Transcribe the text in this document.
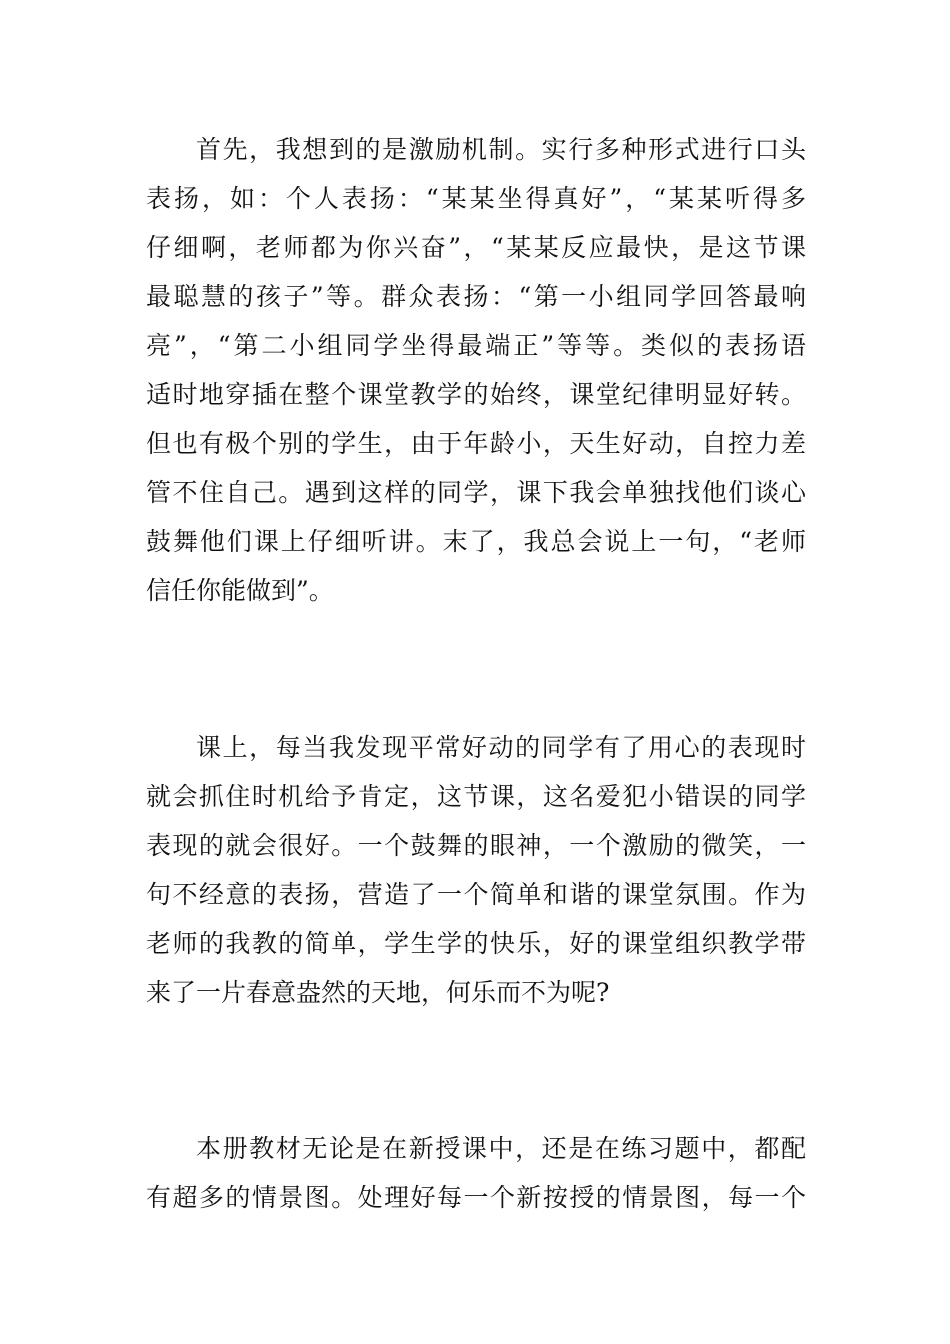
首先，我想到的是激励机制。实行多种形式进行口头
表扬，如：个人表扬：“某某坐得真好”，“某某听得多
仔细啊，老师都为你兴奋”，“某某反应最快，是这节课
最聪慧的孩子”等。群众表扬：“第一小组同学回答最响
亮”，“第二小组同学坐得最端正”等等。类似的表扬语
适时地穿插在整个课堂教学的始终，课堂纪律明显好转。
但也有极个别的学生，由于年龄小，天生好动，自控力差
管不住自己。遇到这样的同学，课下我会单独找他们谈心
鼓舞他们课上仔细听讲。末了，我总会说上一句，“老师
信任你能做到”。
课上，每当我发现平常好动的同学有了用心的表现时
就会抓住时机给予肯定，这节课，这名爱犯小错误的同学
表现的就会很好。一个鼓舞的眼神，一个激励的微笑，一
句不经意的表扬，营造了一个简单和谐的课堂氛围。作为
老师的我教的简单，学生学的快乐，好的课堂组织教学带
来了一片春意盎然的天地，何乐而不为呢?
本册教材无论是在新授课中，还是在练习题中，都配
有超多的情景图。处理好每一个新按授的情景图，每一个
